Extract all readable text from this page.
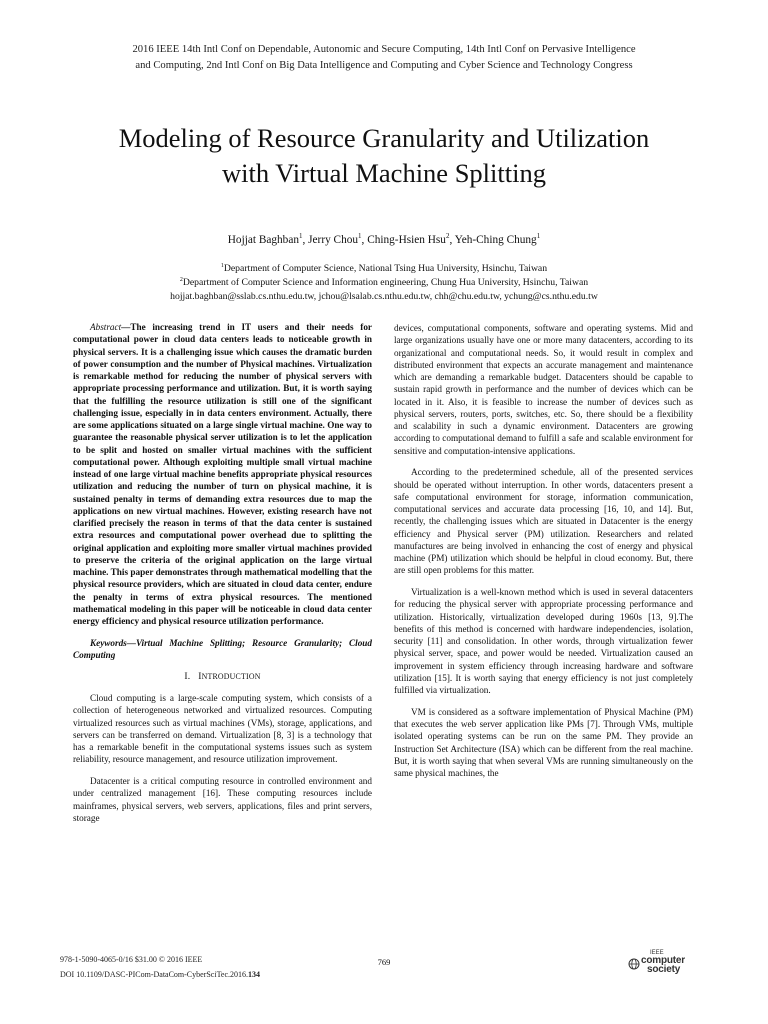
2016 IEEE 14th Intl Conf on Dependable, Autonomic and Secure Computing, 14th Intl Conf on Pervasive Intelligence
and Computing, 2nd Intl Conf on Big Data Intelligence and Computing and Cyber Science and Technology Congress
Modeling of Resource Granularity and Utilization
with Virtual Machine Splitting
Hojjat Baghban$^1$, Jerry Chou$^1$, Ching-Hsien Hsu$^2$, Yeh-Ching Chung$^1$
$^1$Department of Computer Science, National Tsing Hua University, Hsinchu, Taiwan
$^2$Department of Computer Science and Information engineering, Chung Hua University, Hsinchu, Taiwan
hojjat.baghban@sslab.cs.nthu.edu.tw, jchou@lsalab.cs.nthu.edu.tw, chh@chu.edu.tw, ychung@cs.nthu.edu.tw

Abstract—The increasing trend in IT users and their needs for computational power in cloud data centers leads to noticeable growth in physical servers. It is a challenging issue which causes the dramatic burden of power consumption and the number of Physical machines. Virtualization is remarkable method for reducing the number of physical servers with appropriate processing performance and utilization. But, it is worth saying that the fulfilling the resource utilization is still one of the significant challenging issue, especially in in data centers environment. Actually, there are some applications situated on a large single virtual machine. One way to guarantee the reasonable physical server utilization is to let the application to be split and hosted on smaller virtual machines with the sufficient computational power. Although exploiting multiple small virtual machine instead of one large virtual machine benefits appropriate physical resources utilization and reducing the number of turn on physical machine, it is sustained penalty in terms of demanding extra resources due to map the applications on new virtual machines. However, existing research have not clarified precisely the reason in terms of that the data center is sustained extra resources and computational power overhead due to splitting the original application and exploiting more smaller virtual machines provided to preserve the criteria of the original application on the large virtual machine. This paper demonstrates through mathematical modelling that the physical resource providers, which are situated in cloud data center, endure the penalty in terms of extra physical resources. The mentioned mathematical modeling in this paper will be noticeable in cloud data center energy efficiency and physical resource utilization performance.

Keywords—Virtual Machine Splitting; Resource Granularity; Cloud Computing

I. INTRODUCTION

Cloud computing is a large-scale computing system, which consists of a collection of heterogeneous networked and virtualized resources. Computing virtualized resources such as virtual machines (VMs), storage, applications, and servers can be transferred on demand. Virtualization [8, 3] is a technology that has a remarkable benefit in the computational systems issues such as system reliability, resource management, and resource utilization improvement.

Datacenter is a critical computing resource in controlled environment and under centralized management [16]. These computing resources include mainframes, physical servers, web servers, applications, files and print servers, storage

devices, computational components, software and operating systems. Mid and large organizations usually have one or more many datacenters, according to its organizational and computational needs. So, it would result in complex and distributed environment that expects an accurate management and maintenance which are demanding a remarkable budget. Datacenters should be capable to sustain rapid growth in performance and the number of devices which can be located in it. Also, it is feasible to increase the number of devices such as physical servers, routers, ports, switches, etc. So, there should be a flexibility and scalability in such a dynamic environment. Datacenters are growing according to computational demand to fulfill a safe and scalable environment for sensitive and computation-intensive applications.

According to the predetermined schedule, all of the presented services should be operated without interruption. In other words, datacenters present a safe computational environment for storage, information communication, computational services and accurate data processing [16, 10, and 14]. But, recently, the challenging issues which are situated in Datacenter is the energy efficiency and Physical server (PM) utilization. Researchers and related manufactures are being involved in enhancing the cost of energy and physical machine (PM) utilization which should be helpful in cloud economy. But, there are still open problems for this matter.

Virtualization is a well-known method which is used in several datacenters for reducing the physical server with appropriate processing performance and utilization. Historically, virtualization developed during 1960s [13, 9].The benefits of this method is concerned with hardware independencies, isolation, security [11] and consolidation. In other words, through virtualization fewer physical server, space, and power would be needed. Virtualization caused an improvement in system efficiency through increasing hardware and software utilization [15]. It is worth saying that energy efficiency is not just completely fulfilled via virtualization.

VM is considered as a software implementation of Physical Machine (PM) that executes the web server application like PMs [7]. Through VMs, multiple isolated operating systems can be run on the same PM. They provide an Instruction Set Architecture (ISA) which can be different from the real machine. But, it is worth saying that when several VMs are running simultaneously on the same physical machines, the

978-1-5090-4065-0/16 $31.00 © 2016 IEEE
DOI 10.1109/DASC-PICom-DataCom-CyberSciTec.2016.134
769
IEEE
computer
society
